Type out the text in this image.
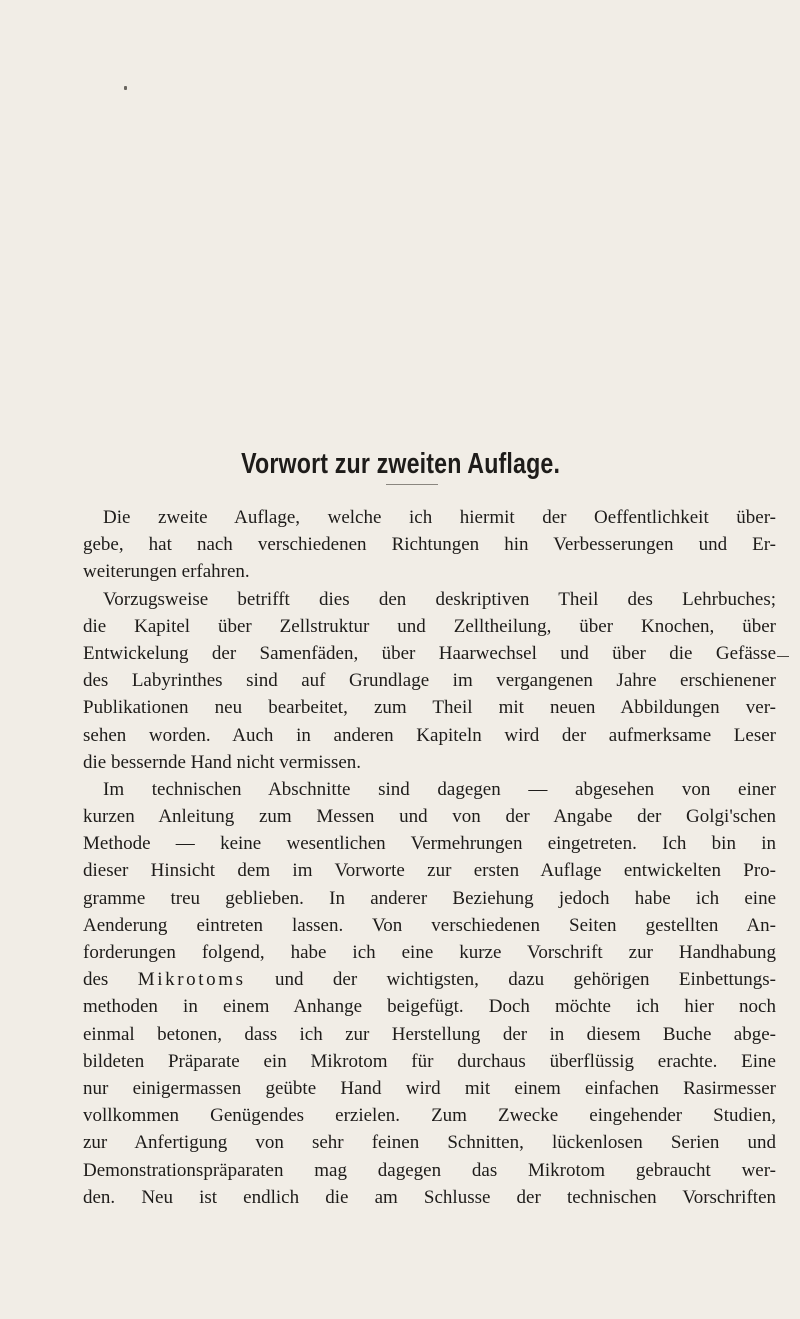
Vorwort zur zweiten Auflage.
Die zweite Auflage, welche ich hiermit der Oeffentlichkeit über-
gebe, hat nach verschiedenen Richtungen hin Verbesserungen und Er-
weiterungen erfahren.
Vorzugsweise betrifft dies den deskriptiven Theil des Lehrbuches;
die Kapitel über Zellstruktur und Zelltheilung, über Knochen, über
Entwickelung der Samenfäden, über Haarwechsel und über die Gefässe
des Labyrinthes sind auf Grundlage im vergangenen Jahre erschienener
Publikationen neu bearbeitet, zum Theil mit neuen Abbildungen ver-
sehen worden. Auch in anderen Kapiteln wird der aufmerksame Leser
die bessernde Hand nicht vermissen.
Im technischen Abschnitte sind dagegen — abgesehen von einer
kurzen Anleitung zum Messen und von der Angabe der Golgi'schen
Methode — keine wesentlichen Vermehrungen eingetreten. Ich bin in
dieser Hinsicht dem im Vorworte zur ersten Auflage entwickelten Pro-
gramme treu geblieben. In anderer Beziehung jedoch habe ich eine
Aenderung eintreten lassen. Von verschiedenen Seiten gestellten An-
forderungen folgend, habe ich eine kurze Vorschrift zur Handhabung
des Mikrotoms und der wichtigsten, dazu gehörigen Einbettungs-
methoden in einem Anhange beigefügt. Doch möchte ich hier noch
einmal betonen, dass ich zur Herstellung der in diesem Buche abge-
bildeten Präparate ein Mikrotom für durchaus überflüssig erachte. Eine
nur einigermassen geübte Hand wird mit einem einfachen Rasirmesser
vollkommen Genügendes erzielen. Zum Zwecke eingehender Studien,
zur Anfertigung von sehr feinen Schnitten, lückenlosen Serien und
Demonstrationspräparaten mag dagegen das Mikrotom gebraucht wer-
den. Neu ist endlich die am Schlusse der technischen Vorschriften
